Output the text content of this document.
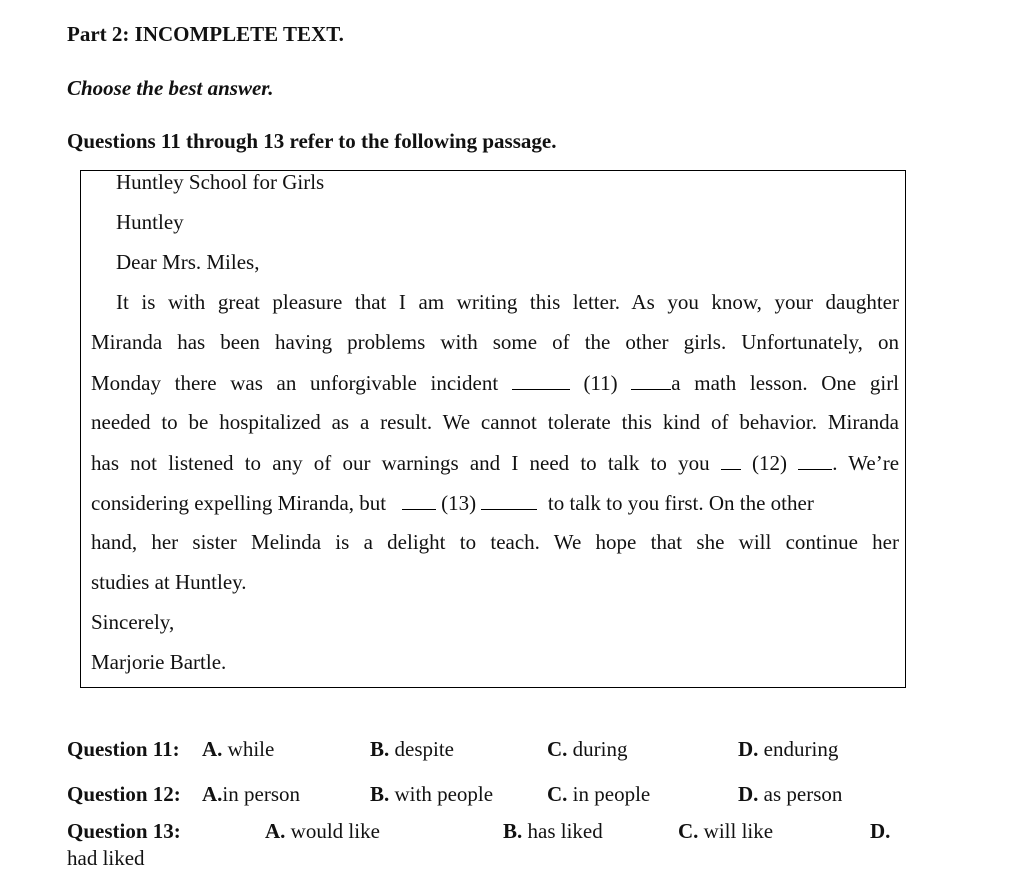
Part 2: INCOMPLETE TEXT.
Choose the best answer.
Questions 11 through 13 refer to the following passage.
Huntley School for Girls
Huntley
Dear Mrs. Miles,
It is with great pleasure that I am writing this letter. As you know, your daughter
Miranda has been having problems with some of the other girls. Unfortunately, on
Monday there was an unforgivable incident	(11)	a math lesson. One girl
needed to be hospitalized as a result. We cannot tolerate this kind of behavior. Miranda
has not listened to any of our warnings and I need to talk to you (12) . We’re
considering expelling Miranda, but	(13)	to talk to you first. On the other
hand, her sister Melinda is a delight to teach. We hope that she will continue her
studies at Huntley.
Sincerely,
Marjorie Bartle.
Question 11: A. while	B. despite	C. during	D. enduring
Question 12: A.in person	B. with people	C. in people	D. as person
Question 13:	A. would like	B. has liked	C. will like	D.
had liked
